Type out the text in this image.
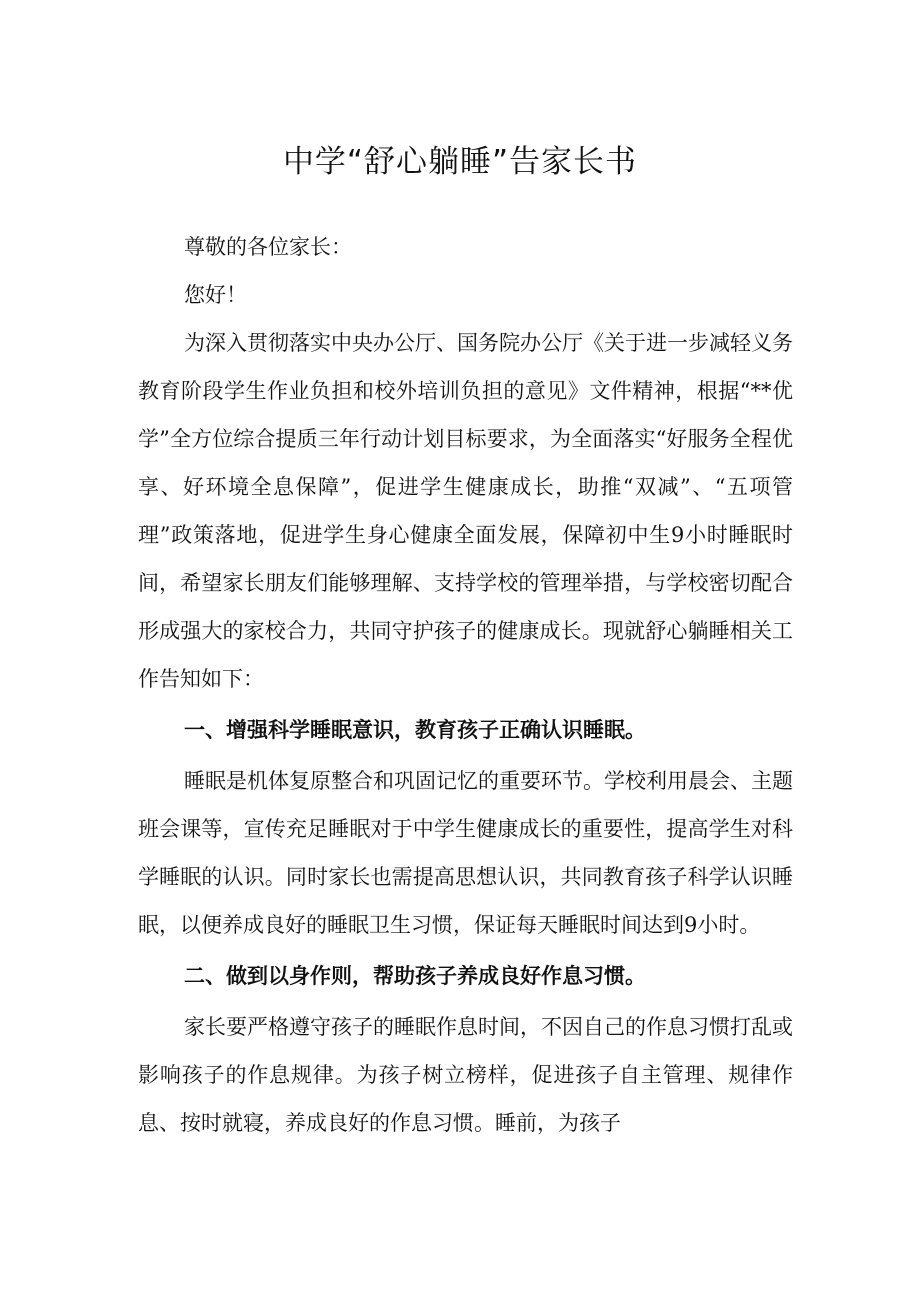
中学“舒心躺睡”告家长书

尊敬的各位家长：

您好！

为深入贯彻落实中央办公厅、国务院办公厅《关于进一步减轻义务教育阶段学生作业负担和校外培训负担的意见》文件精神，根据“**优学”全方位综合提质三年行动计划目标要求，为全面落实“好服务全程优享、好环境全息保障”，促进学生健康成长，助推“双减”、“五项管理”政策落地，促进学生身心健康全面发展，保障初中生9小时睡眠时间，希望家长朋友们能够理解、支持学校的管理举措，与学校密切配合形成强大的家校合力，共同守护孩子的健康成长。现就舒心躺睡相关工作告知如下：

一、增强科学睡眠意识，教育孩子正确认识睡眠。

睡眠是机体复原整合和巩固记忆的重要环节。学校利用晨会、主题班会课等，宣传充足睡眠对于中学生健康成长的重要性，提高学生对科学睡眠的认识。同时家长也需提高思想认识，共同教育孩子科学认识睡眠，以便养成良好的睡眠卫生习惯，保证每天睡眠时间达到9小时。

二、做到以身作则，帮助孩子养成良好作息习惯。

家长要严格遵守孩子的睡眠作息时间，不因自己的作息习惯打乱或影响孩子的作息规律。为孩子树立榜样，促进孩子自主管理、规律作息、按时就寝，养成良好的作息习惯。睡前，为孩子
